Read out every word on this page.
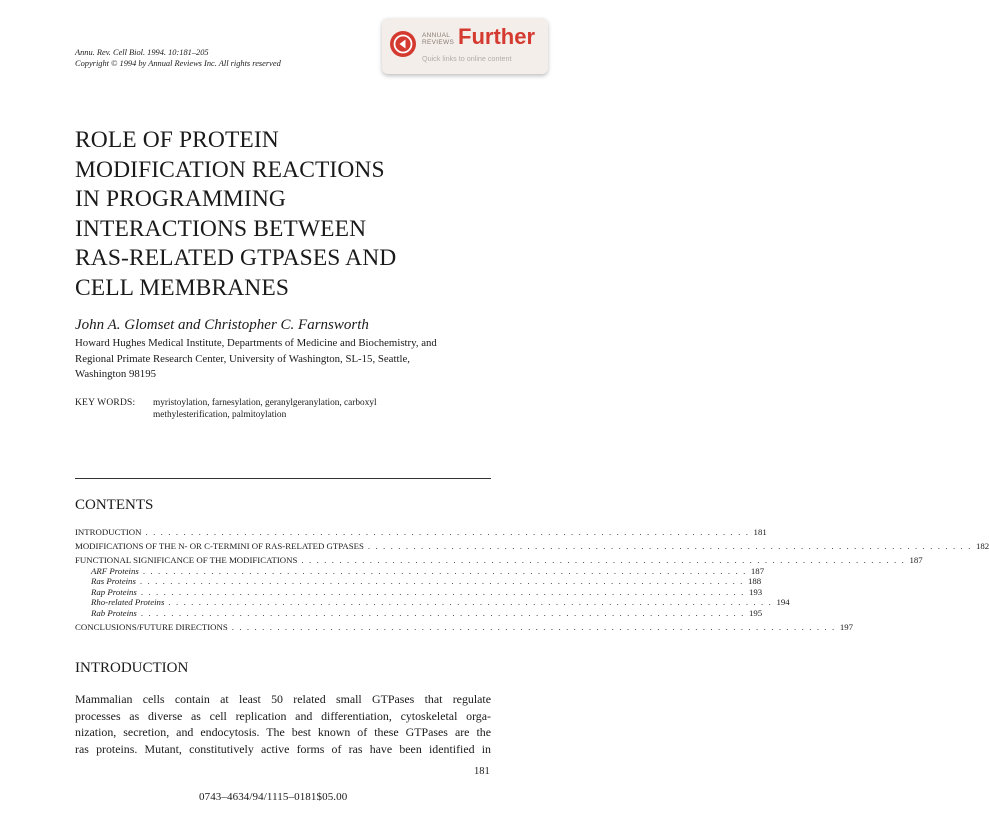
Annu. Rev. Cell Biol. 1994. 10:181–205
Copyright © 1994 by Annual Reviews Inc. All rights reserved
ANNUAL
REVIEWS Further
Quick links to online content
ROLE OF PROTEIN
MODIFICATION REACTIONS
IN PROGRAMMING
INTERACTIONS BETWEEN
RAS-RELATED GTPASES AND
CELL MEMBRANES
John A. Glomset and Christopher C. Farnsworth
Howard Hughes Medical Institute, Departments of Medicine and Biochemistry, and
Regional Primate Research Center, University of Washington, SL-15, Seattle,
Washington 98195
KEY WORDS: myristoylation, farnesylation, geranylgeranylation, carboxyl
methylesterification, palmitoylation
CONTENTS
INTRODUCTION . . . . . . . . . . . . . . . . . . . . . . . . . . . . . . . . . . . . . . . . . . . . . . . . . . . . . . . . . . . . . . . . . . . . . . . . . . . . . . . . 181
MODIFICATIONS OF THE N- OR C-TERMINI OF RAS-RELATED GTPASES . . . . . . . . . . . . . . . . . . . . . . . . . . . . . . . . . . . . . . . . . . . . . . . . . . . . . . . . . . . . . . . . . . . . . . . . . . . . . . . . 182
FUNCTIONAL SIGNIFICANCE OF THE MODIFICATIONS . . . . . . . . . . . . . . . . . . . . . . . . . . . . . . . . . . . . . . . . . . . . . . . . . . . . . . . . . . . . . . . . . . . . . . . . . . . . . . . . 187
ARF Proteins . . . . . . . . . . . . . . . . . . . . . . . . . . . . . . . . . . . . . . . . . . . . . . . . . . . . . . . . . . . . . . . . . . . . . . . . . . . . . . . . 187
Ras Proteins . . . . . . . . . . . . . . . . . . . . . . . . . . . . . . . . . . . . . . . . . . . . . . . . . . . . . . . . . . . . . . . . . . . . . . . . . . . . . . . . 188
Rap Proteins . . . . . . . . . . . . . . . . . . . . . . . . . . . . . . . . . . . . . . . . . . . . . . . . . . . . . . . . . . . . . . . . . . . . . . . . . . . . . . . . 193
Rho-related Proteins . . . . . . . . . . . . . . . . . . . . . . . . . . . . . . . . . . . . . . . . . . . . . . . . . . . . . . . . . . . . . . . . . . . . . . . . . . . . . . . . 194
Rab Proteins . . . . . . . . . . . . . . . . . . . . . . . . . . . . . . . . . . . . . . . . . . . . . . . . . . . . . . . . . . . . . . . . . . . . . . . . . . . . . . . . 195
CONCLUSIONS/FUTURE DIRECTIONS . . . . . . . . . . . . . . . . . . . . . . . . . . . . . . . . . . . . . . . . . . . . . . . . . . . . . . . . . . . . . . . . . . . . . . . . . . . . . . . . 197
INTRODUCTION
Mammalian cells contain at least 50 related small GTPases that regulate
processes as diverse as cell replication and differentiation, cytoskeletal orga-
nization, secretion, and endocytosis. The best known of these GTPases are the
ras proteins. Mutant, constitutively active forms of ras have been identified in
181
0743–4634/94/1115–0181$05.00
